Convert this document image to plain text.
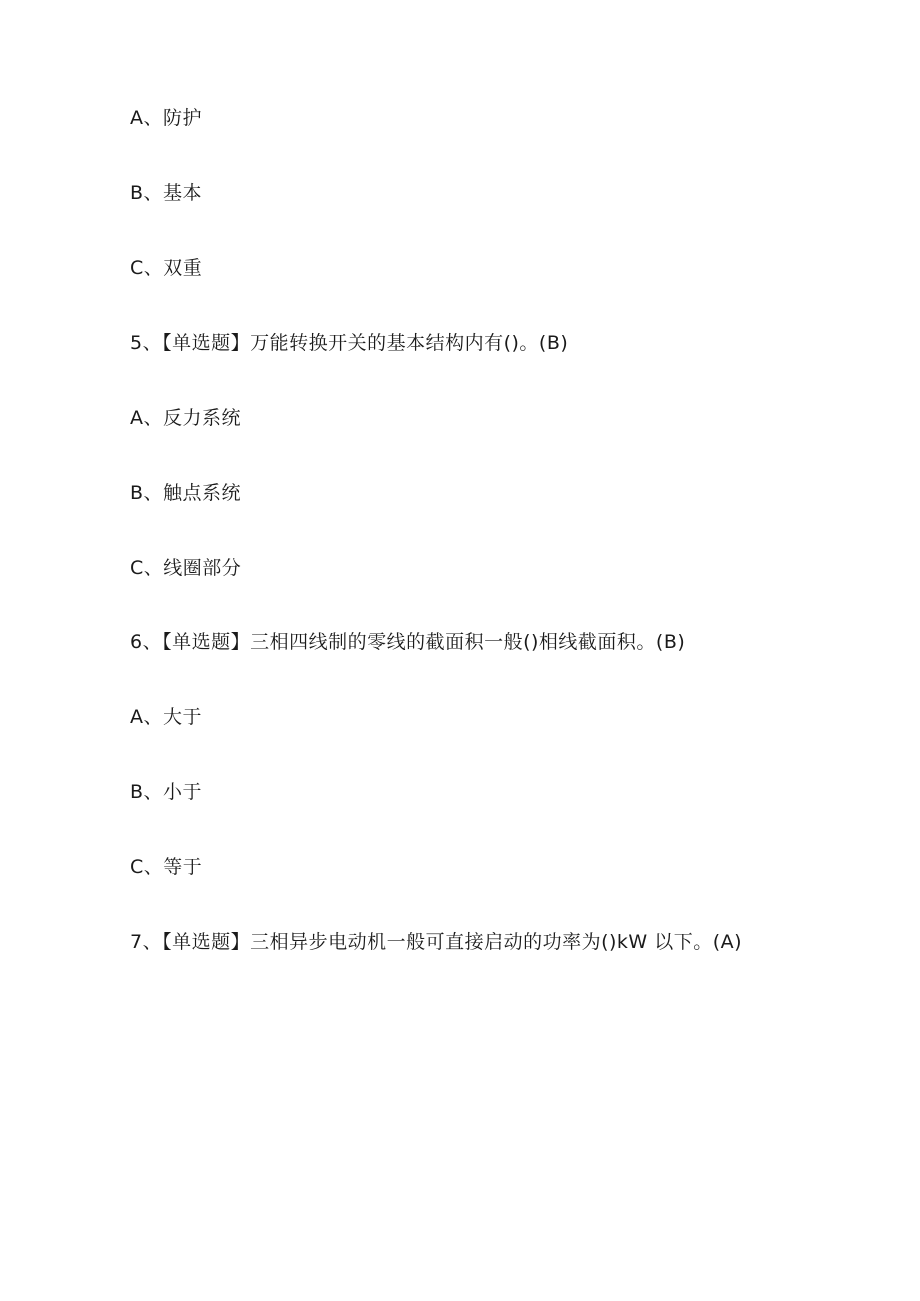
A、防护
B、基本
C、双重
5、【单选题】万能转换开关的基本结构内有()。(B)
A、反力系统
B、触点系统
C、线圈部分
6、【单选题】三相四线制的零线的截面积一般()相线截面积。(B)
A、大于
B、小于
C、等于
7、【单选题】三相异步电动机一般可直接启动的功率为()kW 以下。(A)
